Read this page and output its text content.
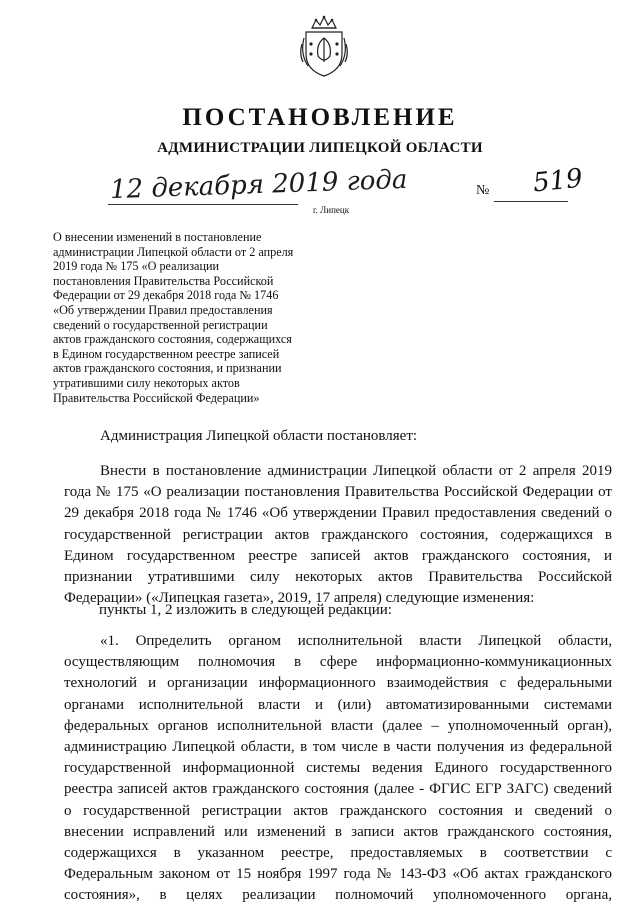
ПОСТАНОВЛЕНИЕ
АДМИНИСТРАЦИИ ЛИПЕЦКОЙ ОБЛАСТИ
12 декабря 2019 года
г. Липецк
№ 519
О внесении изменений в постановление
администрации Липецкой области от 2 апреля
2019 года № 175 «О реализации
постановления Правительства Российской
Федерации от 29 декабря 2018 года № 1746
«Об утверждении Правил предоставления
сведений о государственной регистрации
актов гражданского состояния, содержащихся
в Едином государственном реестре записей
актов гражданского состояния, и признании
утратившими силу некоторых актов
Правительства Российской Федерации»
Администрация Липецкой области постановляет:
Внести в постановление администрации Липецкой области от 2 апреля 2019
года № 175 «О реализации постановления Правительства Российской Федерации от
29 декабря 2018 года № 1746 «Об утверждении Правил предоставления сведений о
государственной регистрации актов гражданского состояния, содержащихся в
Едином государственном реестре записей актов гражданского состояния, и
признании утратившими силу некоторых актов Правительства Российской
Федерации» («Липецкая газета», 2019, 17 апреля) следующие изменения:
пункты 1, 2 изложить в следующей редакции:
«1. Определить органом исполнительной власти Липецкой области,
осуществляющим полномочия в сфере информационно-коммуникационных
технологий и организации информационного взаимодействия с федеральными
органами исполнительной власти и (или) автоматизированными системами
федеральных органов исполнительной власти (далее – уполномоченный орган),
администрацию Липецкой области, в том числе в части получения из федеральной
государственной информационной системы ведения Единого государственного
реестра записей актов гражданского состояния (далее - ФГИС ЕГР ЗАГС) сведений
о государственной регистрации актов гражданского состояния и сведений о
внесении исправлений или изменений в записи актов гражданского состояния,
содержащихся в указанном реестре, предоставляемых в соответствии с
Федеральным законом от 15 ноября 1997 года № 143-ФЗ «Об актах гражданского
состояния», в целях реализации полномочий уполномоченного органа,
